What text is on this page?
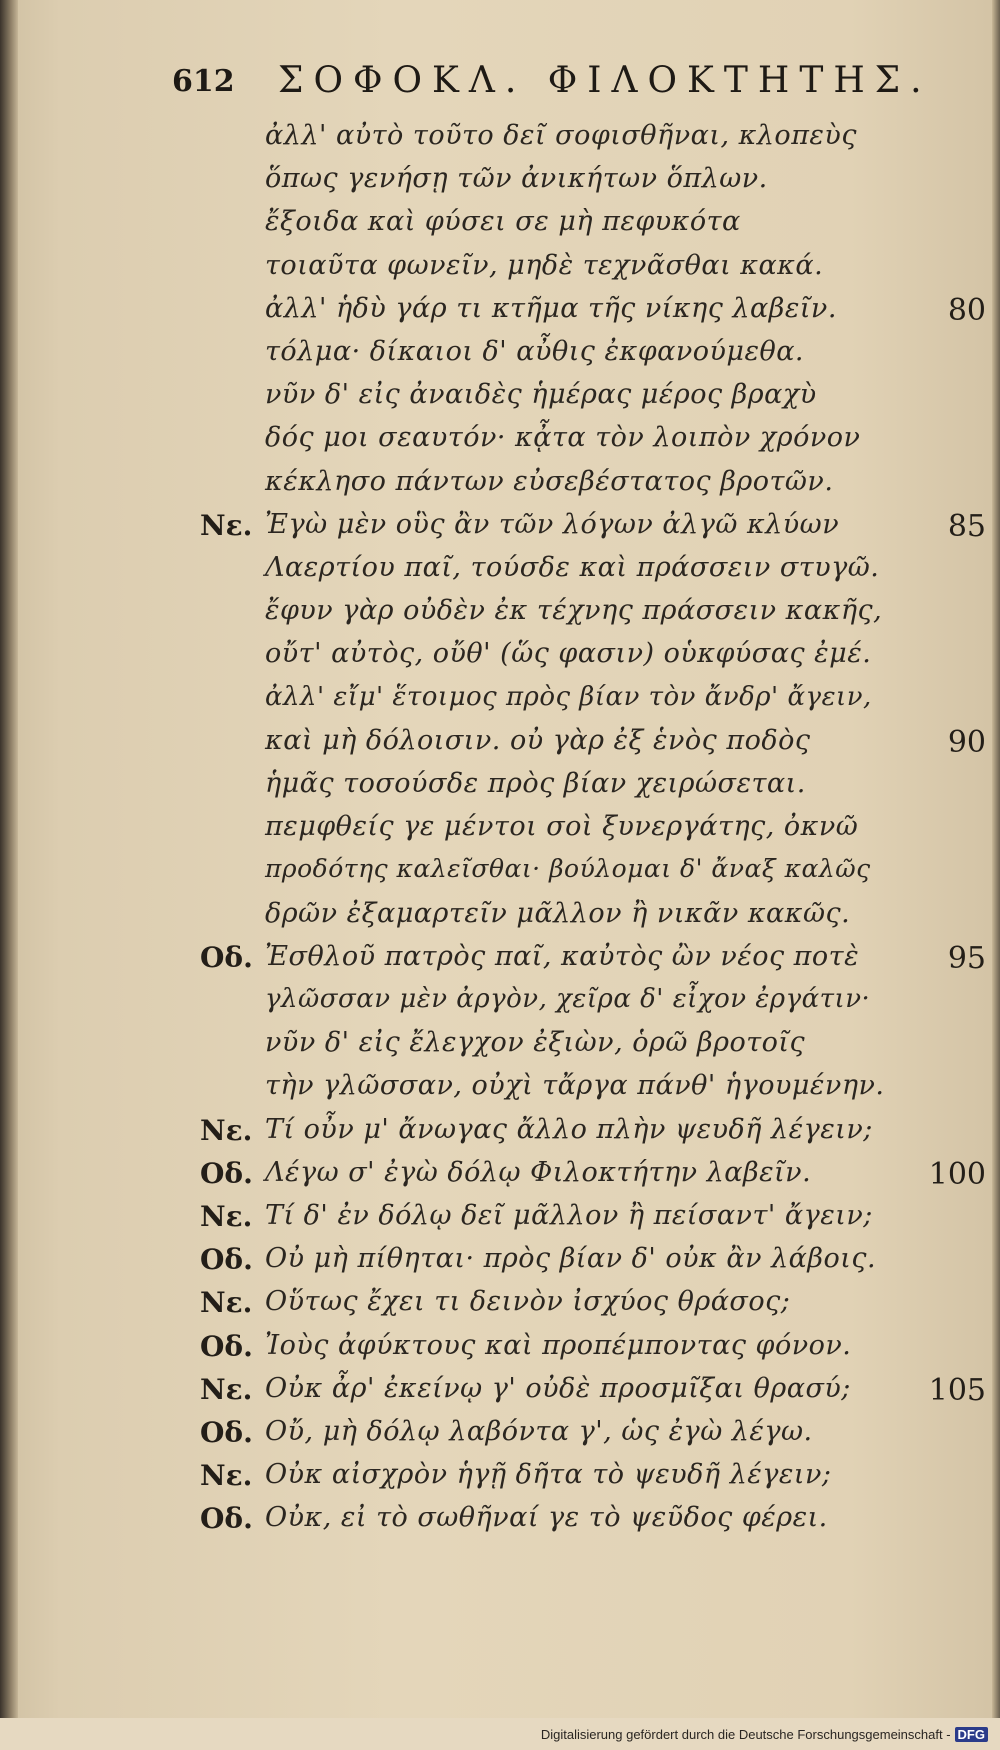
612 ΣΟΦΟΚΛ. ΦΙΛΟΚΤΗΤΗΣ.
ἀλλ' αὐτὸ τοῦτο δεῖ σοφισθῆναι, κλοπεὺς
ὅπως γενήσῃ τῶν ἀνικήτων ὅπλων.
ἔξοιδα καὶ φύσει σε μὴ πεφυκότα
τοιαῦτα φωνεῖν, μηδὲ τεχνᾶσθαι κακά.
ἀλλ' ἡδὺ γάρ τι κτῆμα τῆς νίκης λαβεῖν.	80
τόλμα· δίκαιοι δ' αὖθις ἐκφανούμεθα.
νῦν δ' εἰς ἀναιδὲς ἡμέρας μέρος βραχὺ
δός μοι σεαυτόν· κᾆτα τὸν λοιπὸν χρόνον
κέκλησο πάντων εὐσεβέστατος βροτῶν.
Νε. Ἐγὼ μὲν οὓς ἂν τῶν λόγων ἀλγῶ κλύων	85
Λαερτίου παῖ, τούσδε καὶ πράσσειν στυγῶ.
ἔφυν γὰρ οὐδὲν ἐκ τέχνης πράσσειν κακῆς,
οὔτ' αὐτὸς, οὔθ' (ὥς φασιν) οὑκφύσας ἐμέ.
ἀλλ' εἴμ' ἕτοιμος πρὸς βίαν τὸν ἄνδρ' ἄγειν,
καὶ μὴ δόλοισιν. οὐ γὰρ ἐξ ἑνὸς ποδὸς	90
ἡμᾶς τοσούσδε πρὸς βίαν χειρώσεται.
πεμφθείς γε μέντοι σοὶ ξυνεργάτης, ὀκνῶ
προδότης καλεῖσθαι· βούλομαι δ' ἄναξ καλῶς
δρῶν ἐξαμαρτεῖν μᾶλλον ἢ νικᾶν κακῶς.
Οδ. Ἐσθλοῦ πατρὸς παῖ, καὐτὸς ὢν νέος ποτὲ	95
γλῶσσαν μὲν ἀργὸν, χεῖρα δ' εἶχον ἐργάτιν·
νῦν δ' εἰς ἔλεγχον ἐξιὼν, ὁρῶ βροτοῖς
τὴν γλῶσσαν, οὐχὶ τἄργα πάνθ' ἡγουμένην.
Νε. Τί οὖν μ' ἄνωγας ἄλλο πλὴν ψευδῆ λέγειν;
Οδ. Λέγω σ' ἐγὼ δόλῳ Φιλοκτήτην λαβεῖν.	100
Νε. Τί δ' ἐν δόλῳ δεῖ μᾶλλον ἢ πείσαντ' ἄγειν;
Οδ. Οὐ μὴ πίθηται· πρὸς βίαν δ' οὐκ ἂν λάβοις.
Νε. Οὕτως ἔχει τι δεινὸν ἰσχύος θράσος;
Οδ. Ἰοὺς ἀφύκτους καὶ προπέμποντας φόνον.
Νε. Οὐκ ἆρ' ἐκείνῳ γ' οὐδὲ προσμῖξαι θρασύ;	105
Οδ. Οὔ, μὴ δόλῳ λαβόντα γ', ὡς ἐγὼ λέγω.
Νε. Οὐκ αἰσχρὸν ἡγῇ δῆτα τὸ ψευδῆ λέγειν;
Οδ. Οὐκ, εἰ τὸ σωθῆναί γε τὸ ψεῦδος φέρει.
Digitalisierung gefördert durch die Deutsche Forschungsgemeinschaft - DFG
